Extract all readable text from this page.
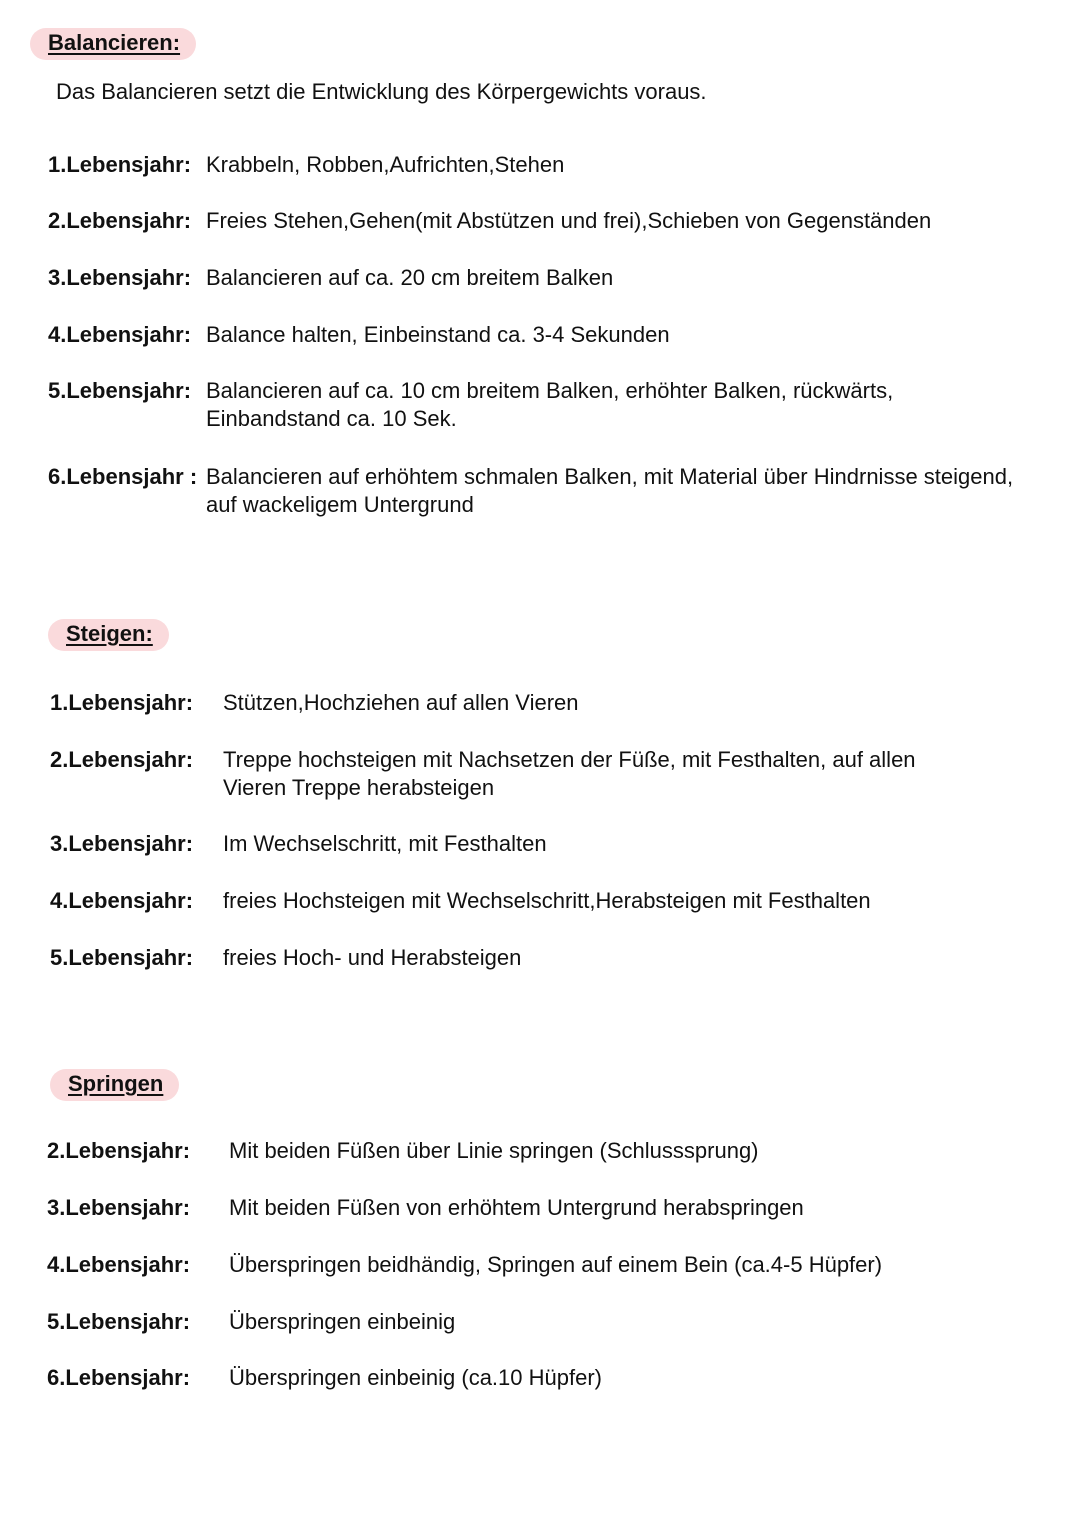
Balancieren:
Das Balancieren setzt die Entwicklung des Körpergewichts voraus.
1.Lebensjahr: Krabbeln, Robben,Aufrichten,Stehen
2.Lebensjahr: Freies Stehen,Gehen(mit Abstützen und frei),Schieben von Gegenständen
3.Lebensjahr: Balancieren auf ca. 20 cm breitem Balken
4.Lebensjahr: Balance halten, Einbeinstand ca. 3-4 Sekunden
5.Lebensjahr: Balancieren auf ca. 10 cm breitem Balken, erhöhter Balken, rückwärts,
Einbandstand ca. 10 Sek.
6.Lebensjahr : Balancieren auf erhöhtem schmalen Balken, mit Material über Hindrnisse steigend,
auf wackeligem Untergrund
Steigen:
1.Lebensjahr:	Stützen,Hochziehen auf allen Vieren
2.Lebensjahr:	Treppe hochsteigen mit Nachsetzen der Füße, mit Festhalten, auf allen
Vieren Treppe herabsteigen
3.Lebensjahr:	Im Wechselschritt, mit Festhalten
4.Lebensjahr:	freies Hochsteigen mit Wechselschritt,Herabsteigen mit Festhalten
5.Lebensjahr:	freies Hoch- und Herabsteigen
Springen
2.Lebensjahr:	Mit beiden Füßen über Linie springen (Schlusssprung)
3.Lebensjahr:	Mit beiden Füßen von erhöhtem Untergrund herabspringen
4.Lebensjahr:	Überspringen beidhändig, Springen auf einem Bein (ca.4-5 Hüpfer)
5.Lebensjahr:	Überspringen einbeinig
6.Lebensjahr:	Überspringen einbeinig (ca.10 Hüpfer)
